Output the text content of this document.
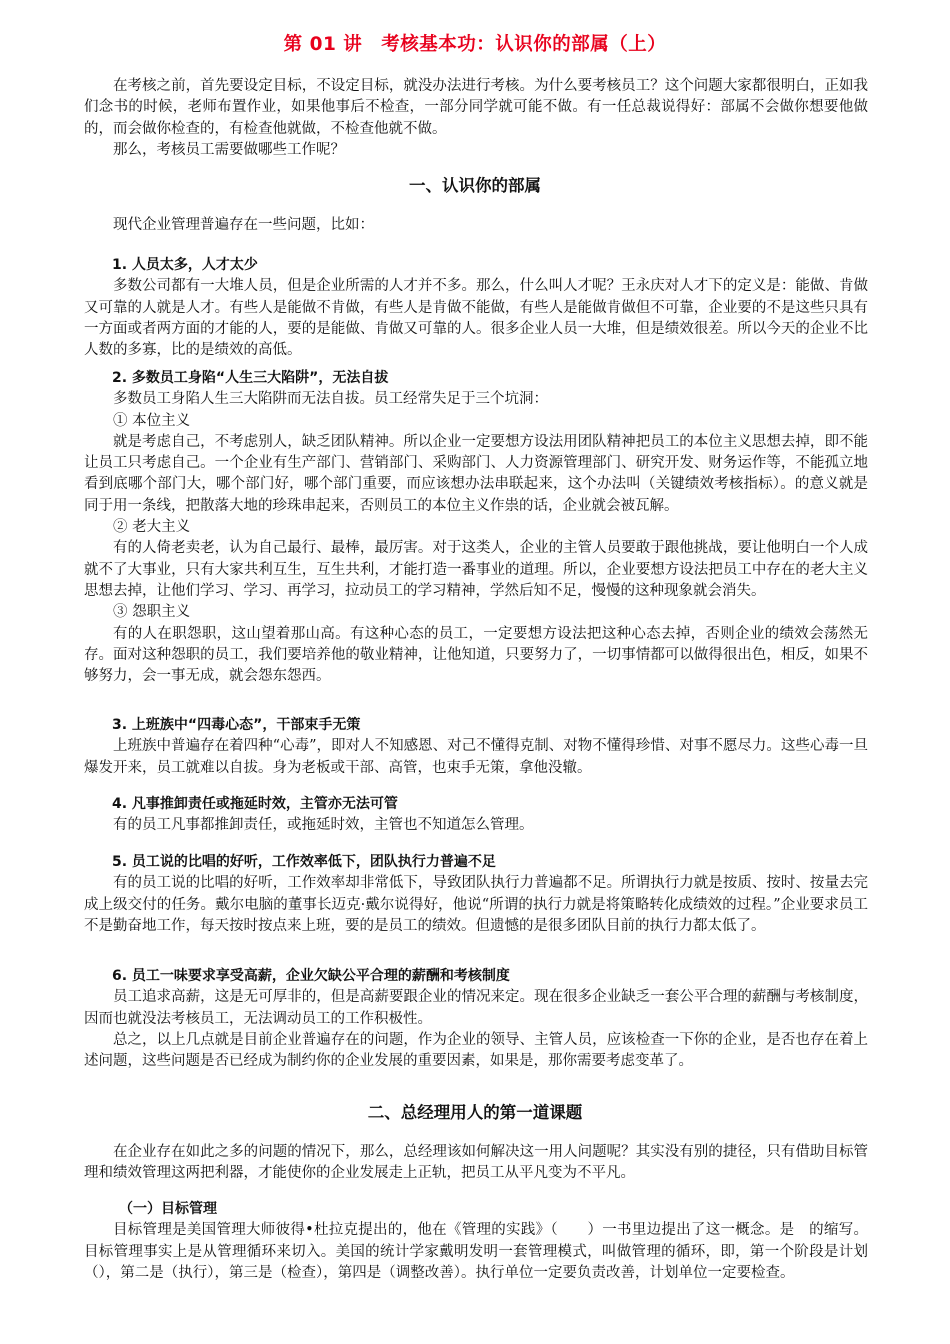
第 01 讲　考核基本功：认识你的部属（上）

在考核之前，首先要设定目标，不设定目标，就没办法进行考核。为什么要考核员工？这个问题大家都很明白，正如我们念书的时候，老师布置作业，如果他事后不检查，一部分同学就可能不做。有一任总裁说得好：部属不会做你想要他做的，而会做你检查的，有检查他就做，不检查他就不做。

那么，考核员工需要做哪些工作呢？

一、认识你的部属

现代企业管理普遍存在一些问题，比如：

1. 人员太多，人才太少

多数公司都有一大堆人员，但是企业所需的人才并不多。那么，什么叫人才呢？王永庆对人才下的定义是：能做、肯做又可靠的人就是人才。有些人是能做不肯做，有些人是肯做不能做，有些人是能做肯做但不可靠，企业要的不是这些只具有一方面或者两方面的才能的人，要的是能做、肯做又可靠的人。很多企业人员一大堆，但是绩效很差。所以今天的企业不比人数的多寡，比的是绩效的高低。

2. 多数员工身陷“人生三大陷阱”，无法自拔

多数员工身陷人生三大陷阱而无法自拔。员工经常失足于三个坑洞：

① 本位主义

就是考虑自己，不考虑别人，缺乏团队精神。所以企业一定要想方设法用团队精神把员工的本位主义思想去掉，即不能让员工只考虑自己。一个企业有生产部门、营销部门、采购部门、人力资源管理部门、研究开发、财务运作等，不能孤立地看到底哪个部门大，哪个部门好，哪个部门重要，而应该想办法串联起来，这个办法叫（关键绩效考核指标）。的意义就是同于用一条线，把散落大地的珍珠串起来，否则员工的本位主义作祟的话，企业就会被瓦解。

② 老大主义

有的人倚老卖老，认为自己最行、最棒，最厉害。对于这类人，企业的主管人员要敢于跟他挑战，要让他明白一个人成就不了大事业，只有大家共利互生，互生共利，才能打造一番事业的道理。所以，企业要想方设法把员工中存在的老大主义思想去掉，让他们学习、学习、再学习，拉动员工的学习精神，学然后知不足，慢慢的这种现象就会消失。

③ 怨职主义

有的人在职怨职，这山望着那山高。有这种心态的员工，一定要想方设法把这种心态去掉，否则企业的绩效会荡然无存。面对这种怨职的员工，我们要培养他的敬业精神，让他知道，只要努力了，一切事情都可以做得很出色，相反，如果不够努力，会一事无成，就会怨东怨西。

3. 上班族中“四毒心态”，干部束手无策

上班族中普遍存在着四种“心毒”，即对人不知感恩、对己不懂得克制、对物不懂得珍惜、对事不愿尽力。这些心毒一旦爆发开来，员工就难以自拔。身为老板或干部、高管，也束手无策，拿他没辙。

4. 凡事推卸责任或拖延时效，主管亦无法可管

有的员工凡事都推卸责任，或拖延时效，主管也不知道怎么管理。

5. 员工说的比唱的好听，工作效率低下，团队执行力普遍不足

有的员工说的比唱的好听，工作效率却非常低下，导致团队执行力普遍都不足。所谓执行力就是按质、按时、按量去完成上级交付的任务。戴尔电脑的董事长迈克·戴尔说得好，他说“所谓的执行力就是将策略转化成绩效的过程。”企业要求员工不是勤奋地工作，每天按时按点来上班，要的是员工的绩效。但遗憾的是很多团队目前的执行力都太低了。

6. 员工一味要求享受高薪，企业欠缺公平合理的薪酬和考核制度

员工追求高薪，这是无可厚非的，但是高薪要跟企业的情况来定。现在很多企业缺乏一套公平合理的薪酬与考核制度，因而也就没法考核员工，无法调动员工的工作积极性。

总之，以上几点就是目前企业普遍存在的问题，作为企业的领导、主管人员，应该检查一下你的企业，是否也存在着上述问题，这些问题是否已经成为制约你的企业发展的重要因素，如果是，那你需要考虑变革了。

二、总经理用人的第一道课题

在企业存在如此之多的问题的情况下，那么，总经理该如何解决这一用人问题呢？其实没有别的捷径，只有借助目标管理和绩效管理这两把利器，才能使你的企业发展走上正轨，把员工从平凡变为不平凡。

（一）目标管理

目标管理是美国管理大师彼得•杜拉克提出的，他在《管理的实践》（　　）一书里边提出了这一概念。是　的缩写。目标管理事实上是从管理循环来切入。美国的统计学家戴明发明一套管理模式，叫做管理的循环，即，第一个阶段是计划（），第二是（执行），第三是（检查），第四是（调整改善）。执行单位一定要负责改善，计划单位一定要检查。
